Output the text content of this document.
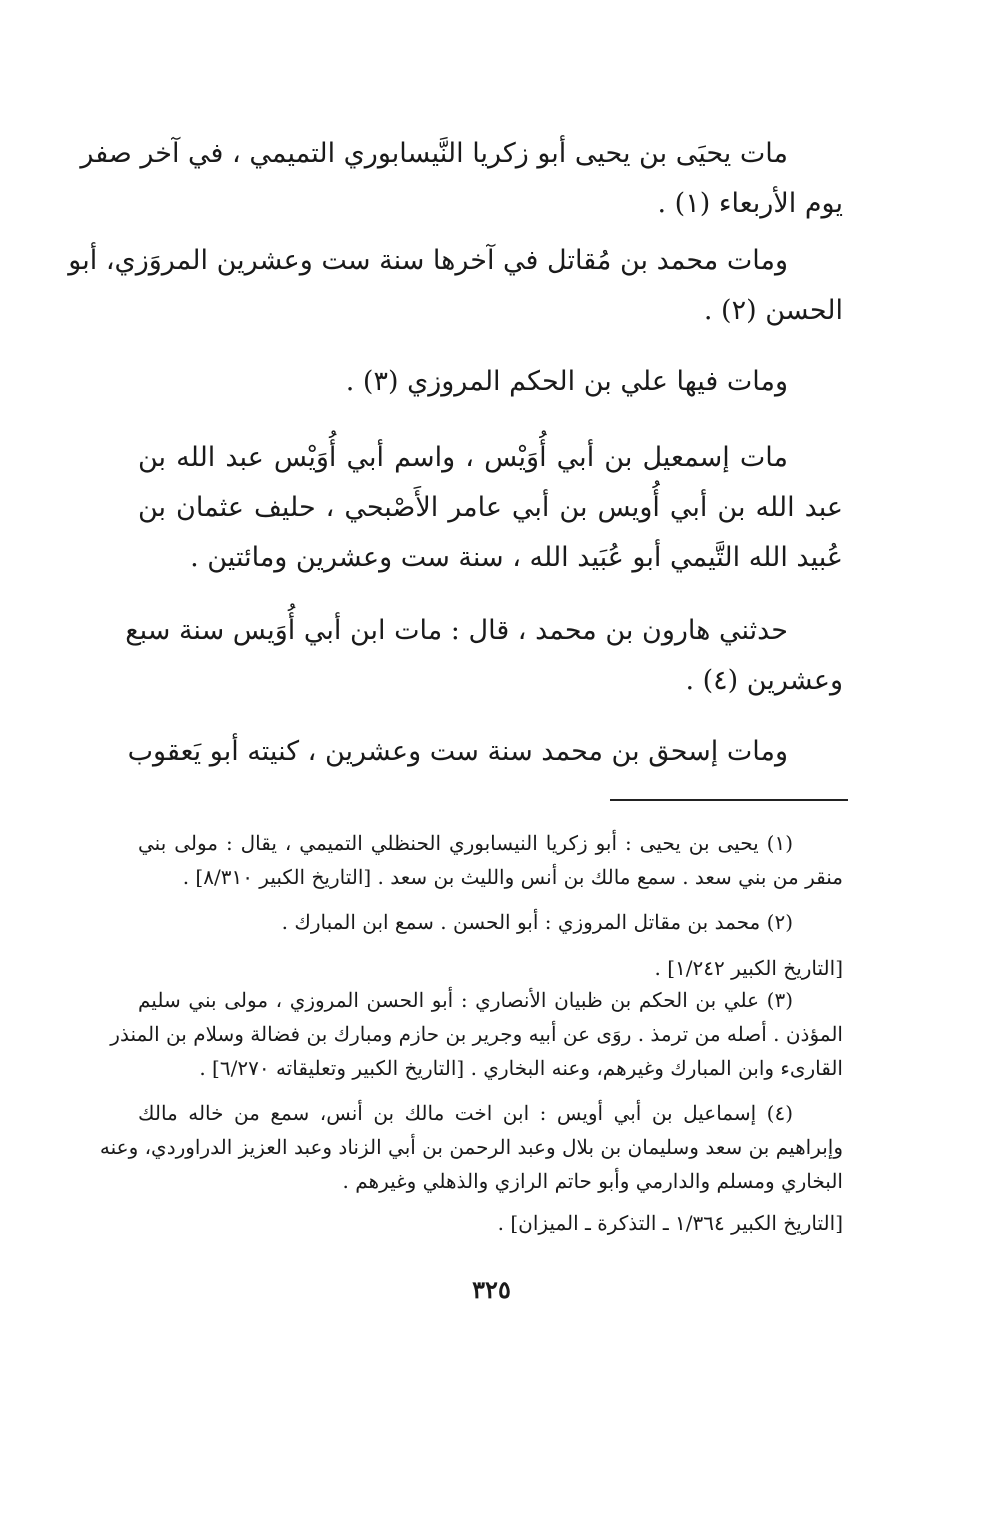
مات يحيَى بن يحيى أبو زكريا النَّيسابوري التميمي ، في آخر صفر
يوم الأربعاء (١) .
ومات محمد بن مُقاتل في آخرها سنة ست وعشرين المروَزي، أبو
الحسن (٢) .
ومات فيها علي بن الحكم المروزي (٣) .
مات إسمعيل بن أبي أُوَيْس ، واسم أبي أُوَيْس عبد الله بن
عبد الله بن أبي أُويس بن أبي عامر الأَصْبحي ، حليف عثمان بن
عُبيد الله التَّيمي أبو عُبَيد الله ، سنة ست وعشرين ومائتين .
حدثني هارون بن محمد ، قال : مات ابن أبي أُوَيس سنة سبع
وعشرين (٤) .
ومات إسحق بن محمد سنة ست وعشرين ، كنيته أبو يَعقوب
(١) يحيى بن يحيى : أبو زكريا النيسابوري الحنظلي التميمي ، يقال : مولى بني
منقر من بني سعد . سمع مالك بن أنس والليث بن سعد . [التاريخ الكبير ٨/٣١٠] .
(٢) محمد بن مقاتل المروزي : أبو الحسن . سمع ابن المبارك .
[التاريخ الكبير ١/٢٤٢] .
(٣) علي بن الحكم بن ظبيان الأنصاري : أبو الحسن المروزي ، مولى بني سليم
المؤذن . أصله من ترمذ . روَى عن أبيه وجرير بن حازم ومبارك بن فضالة وسلام بن المنذر
القارىء وابن المبارك وغيرهم، وعنه البخاري . [التاريخ الكبير وتعليقاته ٦/٢٧٠] .
(٤) إسماعيل بن أبي أويس : ابن اخت مالك بن أنس، سمع من خاله مالك
وإبراهيم بن سعد وسليمان بن بلال وعبد الرحمن بن أبي الزناد وعبد العزيز الدراوردي، وعنه
البخاري ومسلم والدارمي وأبو حاتم الرازي والذهلي وغيرهم .
[التاريخ الكبير ١/٣٦٤ ـ التذكرة ـ الميزان] .
٣٢٥
